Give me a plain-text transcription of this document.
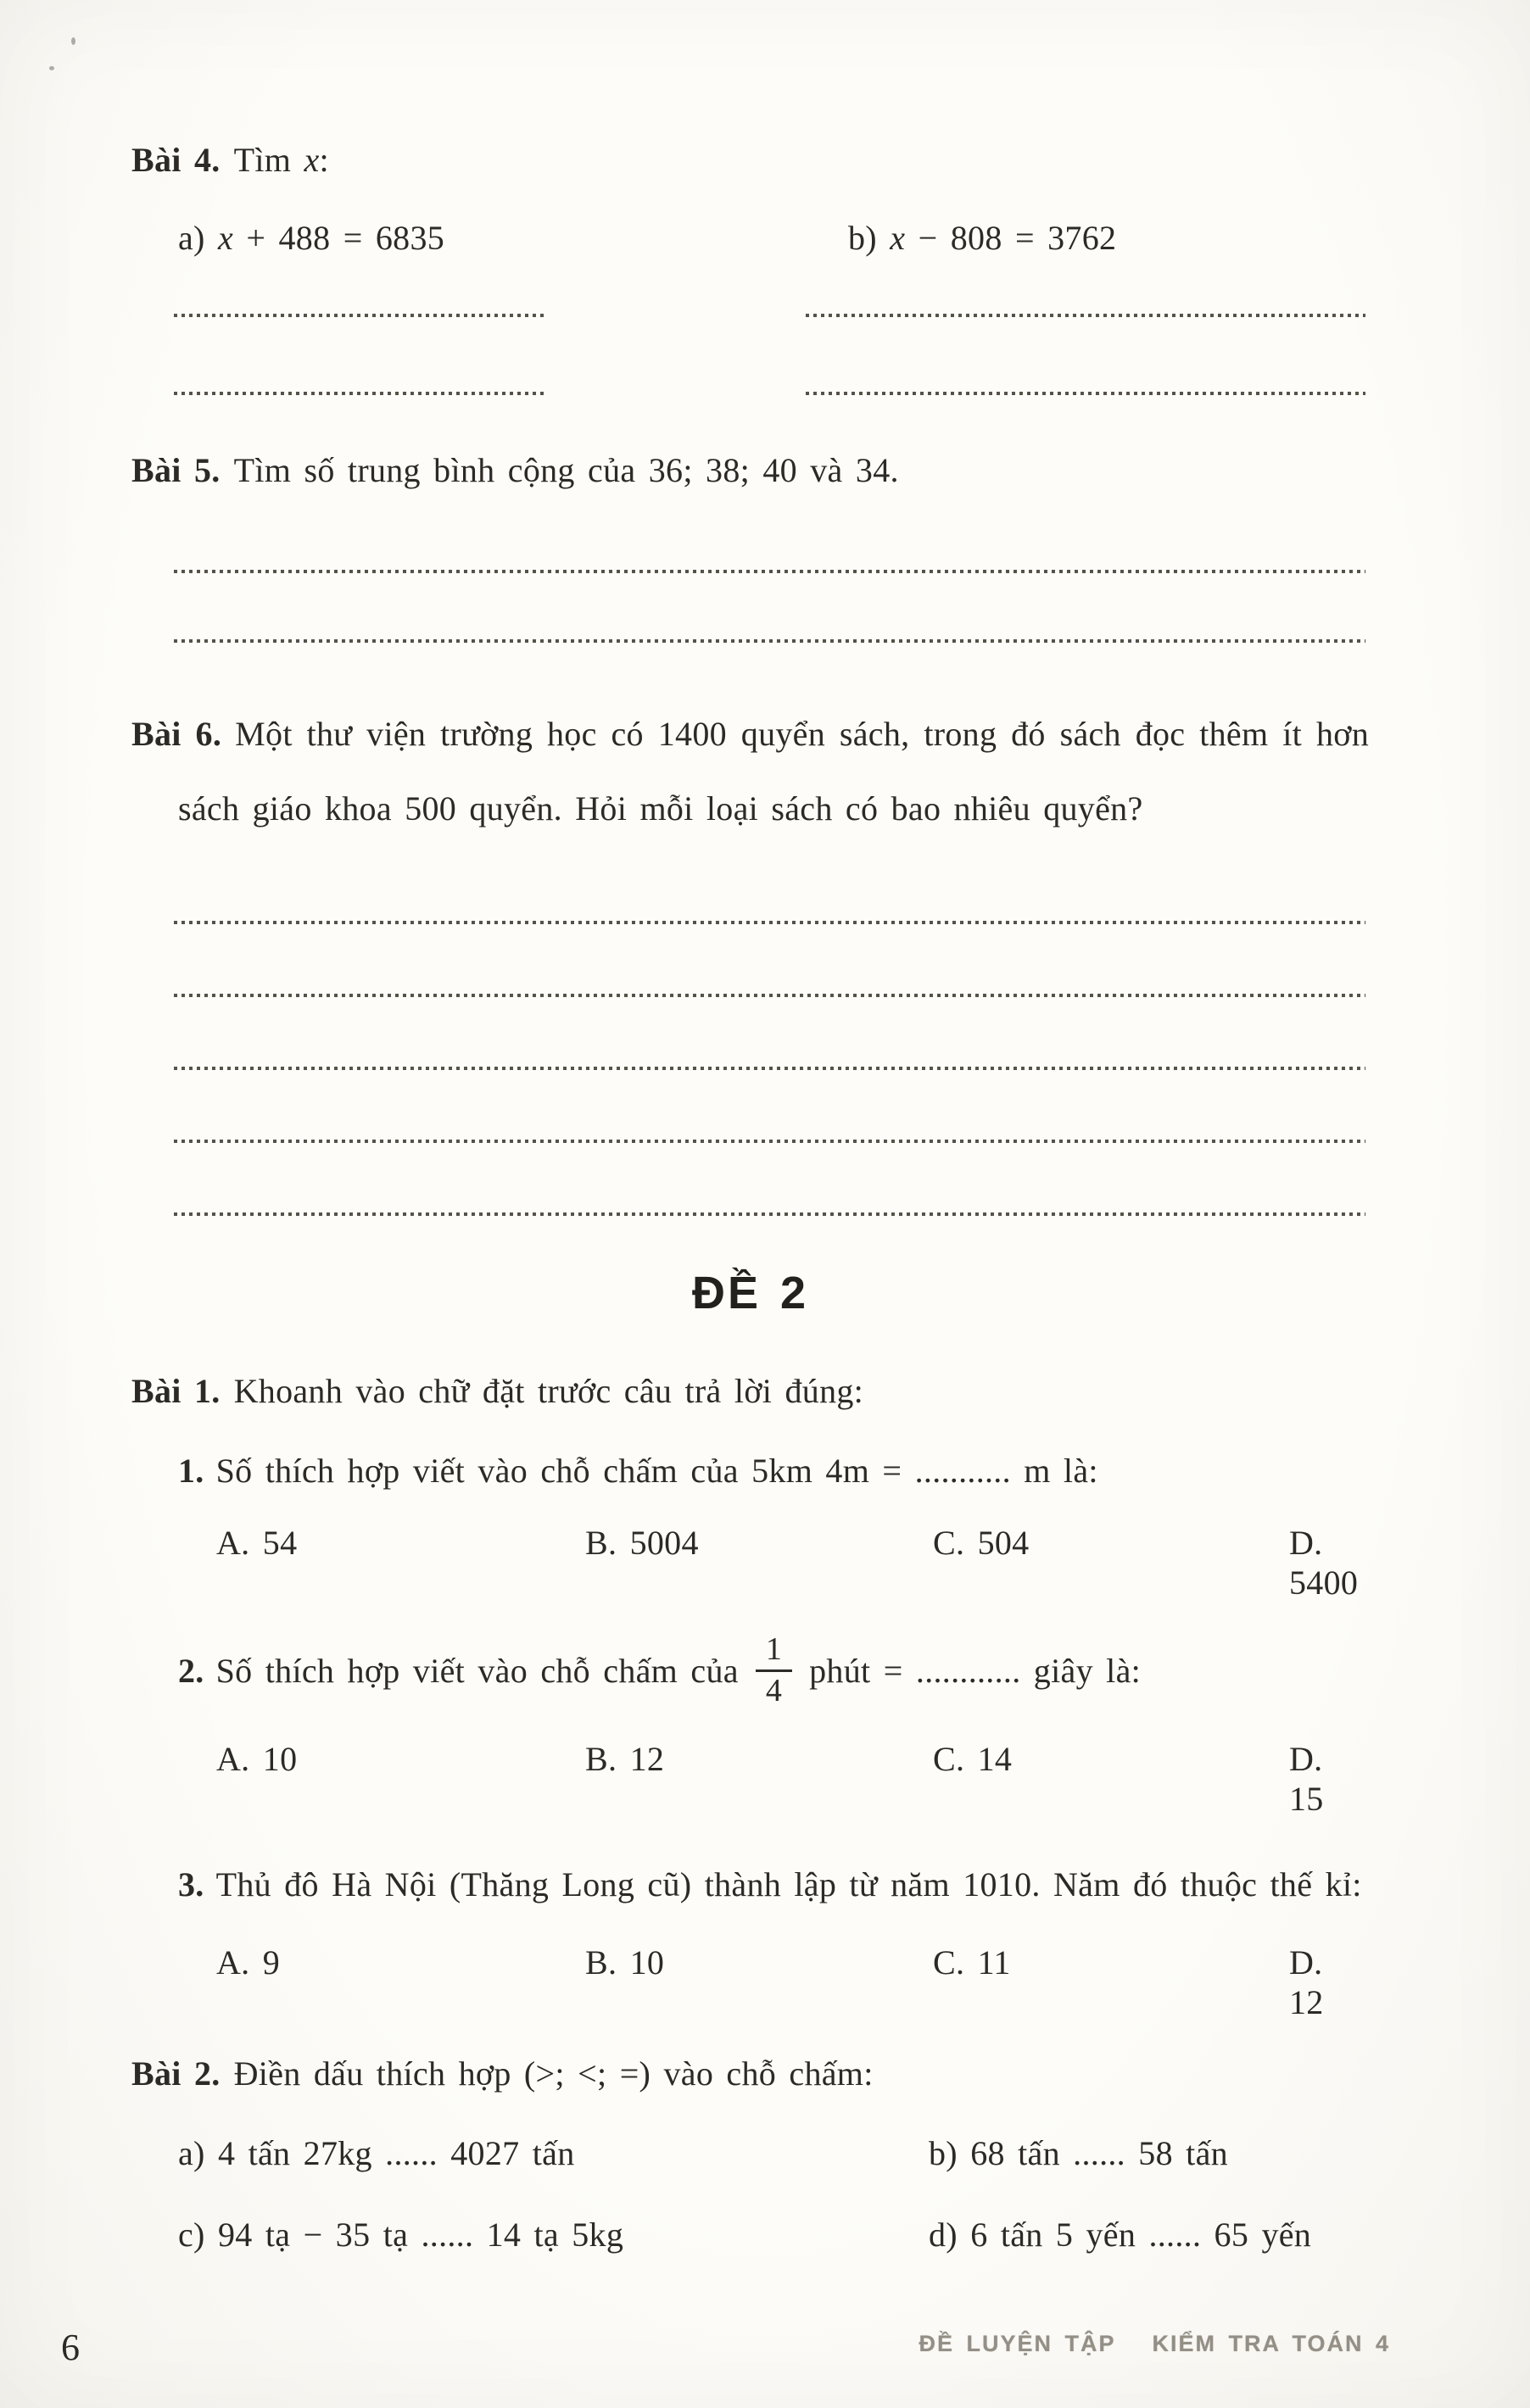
Bài 4. Tìm x:

a) x + 488 = 6835	b) x − 808 = 3762

Bài 5. Tìm số trung bình cộng của 36; 38; 40 và 34.

Bài 6. Một thư viện trường học có 1400 quyển sách, trong đó sách đọc thêm ít hơn sách giáo khoa 500 quyển. Hỏi mỗi loại sách có bao nhiêu quyển?

ĐỀ 2

Bài 1. Khoanh vào chữ đặt trước câu trả lời đúng:

1. Số thích hợp viết vào chỗ chấm của 5km 4m = ........... m là:

A. 54	B. 5004	C. 504	D. 5400
2. Số thích hợp viết vào chỗ chấm của $\frac{1}{4}$ phút = ............ giây là:
A. 10	B. 12	C. 14	D. 15

3. Thủ đô Hà Nội (Thăng Long cũ) thành lập từ năm 1010. Năm đó thuộc thế kỉ:

A. 9	B. 10	C. 11	D. 12

Bài 2. Điền dấu thích hợp (>; <; =) vào chỗ chấm:

a) 4 tấn 27kg ...... 4027 tấn	b) 68 tấn ...... 58 tấn

c) 94 tạ − 35 tạ ...... 14 tạ 5kg	d) 6 tấn 5 yến ...... 65 yến

6	ĐỀ LUYỆN TẬP   KIỂM TRA TOÁN 4
